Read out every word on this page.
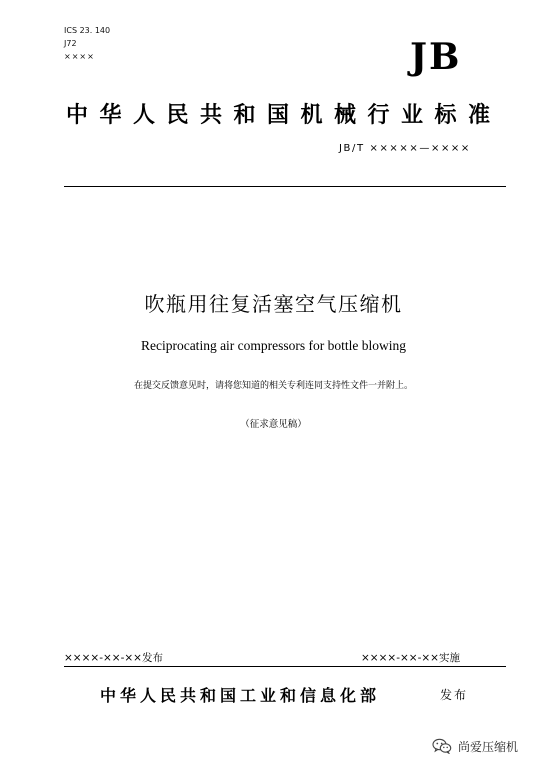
ICS 23. 140
J72
××××	JB
中华人民共和国机械行业标准
JB/T ×××××—××××
吹瓶用往复活塞空气压缩机
Reciprocating air compressors for bottle blowing
在提交反馈意见时，请将您知道的相关专利连同支持性文件一并附上。
（征求意见稿）
××××-××-××发布	××××-××-××实施
中华人民共和国工业和信息化部	发布
尚爱压缩机
